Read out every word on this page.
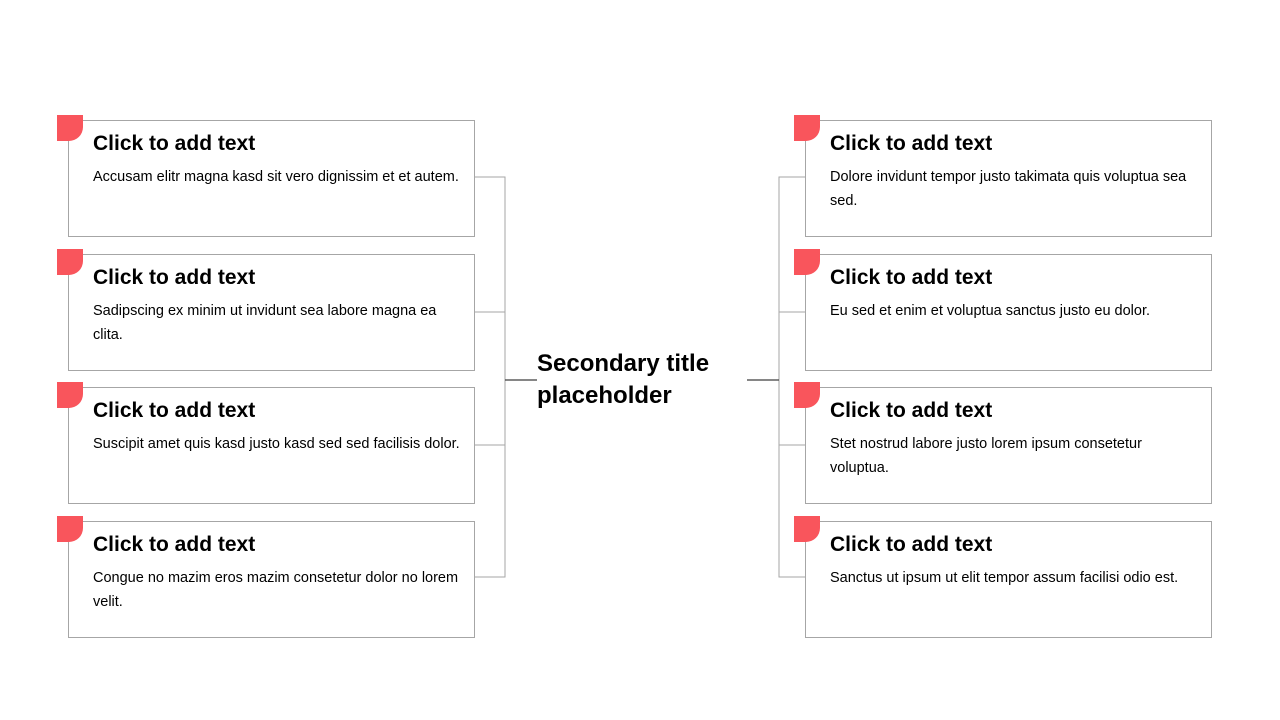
Click to add text

Accusam elitr magna kasd sit vero dignissim et et autem.

Click to add text

Sadipscing ex minim ut invidunt sea labore magna ea clita.

Click to add text

Suscipit amet quis kasd justo kasd sed sed facilisis dolor.

Click to add text

Congue no mazim eros mazim consetetur dolor no lorem velit.

Secondary title placeholder

Click to add text

Dolore invidunt tempor justo takimata quis voluptua sea sed.

Click to add text

Eu sed et enim et voluptua sanctus justo eu dolor.

Click to add text

Stet nostrud labore justo lorem ipsum consetetur voluptua.

Click to add text

Sanctus ut ipsum ut elit tempor assum facilisi odio est.
